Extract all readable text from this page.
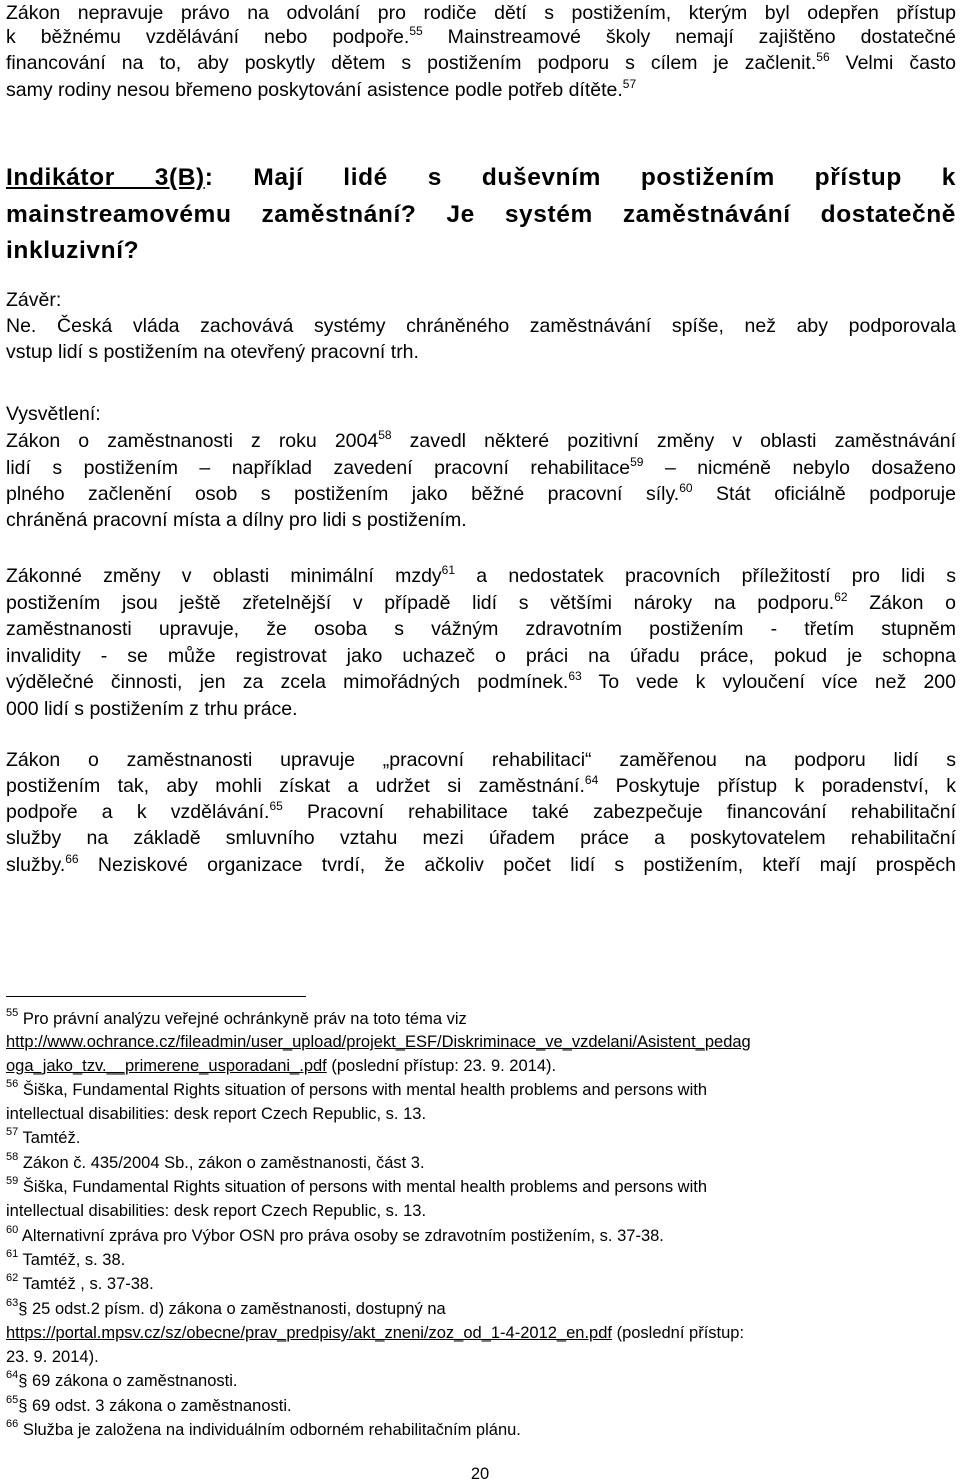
Zákon nepravuje právo na odvolání pro rodiče dětí s postižením, kterým byl odepřen přístup
k běžnému vzdělávání nebo podpoře.$^{55}$ Mainstreamové školy nemají zajištěno dostatečné
financování na to, aby poskytly dětem s postižením podporu s cílem je začlenit.$^{56}$ Velmi často
samy rodiny nesou břemeno poskytování asistence podle potřeb dítěte.$^{57}$
Indikátor 3(B): Mají lidé s duševním postižením přístup k
mainstreamovému zaměstnání? Je systém zaměstnávání dostatečně
inkluzivní?
Závěr:
Ne. Česká vláda zachovává systémy chráněného zaměstnávání spíše, než aby podporovala
vstup lidí s postižením na otevřený pracovní trh.
Vysvětlení:
Zákon o zaměstnanosti z roku 2004$^{58}$ zavedl některé pozitivní změny v oblasti zaměstnávání
lidí s postižením – například zavedení pracovní rehabilitace$^{59}$ – nicméně nebylo dosaženo
plného začlenění osob s postižením jako běžné pracovní síly.$^{60}$ Stát oficiálně podporuje
chráněná pracovní místa a dílny pro lidi s postižením.
Zákonné změny v oblasti minimální mzdy$^{61}$ a nedostatek pracovních příležitostí pro lidi s
postižením jsou ještě zřetelnější v případě lidí s většími nároky na podporu.$^{62}$ Zákon o
zaměstnanosti upravuje, že osoba s vážným zdravotním postižením - třetím stupněm
invalidity - se může registrovat jako uchazeč o práci na úřadu práce, pokud je schopna
výdělečné činnosti, jen za zcela mimořádných podmínek.$^{63}$ To vede k vyloučení více než 200
000 lidí s postižením z trhu práce.
Zákon o zaměstnanosti upravuje „pracovní rehabilitaci“ zaměřenou na podporu lidí s
postižením tak, aby mohli získat a udržet si zaměstnání.$^{64}$ Poskytuje přístup k poradenství, k
podpoře a k vzdělávání.$^{65}$ Pracovní rehabilitace také zabezpečuje financování rehabilitační
služby na základě smluvního vztahu mezi úřadem práce a poskytovatelem rehabilitační
služby.$^{66}$ Neziskové organizace tvrdí, že ačkoliv počet lidí s postižením, kteří mají prospěch
$^{55}$ Pro právní analýzu veřejné ochránkyně práv na toto téma viz
http://www.ochrance.cz/fileadmin/user_upload/projekt_ESF/Diskriminace_ve_vzdelani/Asistent_pedag
oga_jako_tzv.__primerene_usporadani_.pdf (poslední přístup: 23. 9. 2014).
$^{56}$ Šiška, Fundamental Rights situation of persons with mental health problems and persons with
intellectual disabilities: desk report Czech Republic, s. 13.
$^{57}$ Tamtéž.
$^{58}$ Zákon č. 435/2004 Sb., zákon o zaměstnanosti, část 3.
$^{59}$ Šiška, Fundamental Rights situation of persons with mental health problems and persons with
intellectual disabilities: desk report Czech Republic, s. 13.
$^{60}$ Alternativní zpráva pro Výbor OSN pro práva osoby se zdravotním postižením, s. 37-38.
$^{61}$ Tamtéž, s. 38.
$^{62}$ Tamtéž , s. 37-38.
$^{63}$§ 25 odst.2 písm. d) zákona o zaměstnanosti, dostupný na
https://portal.mpsv.cz/sz/obecne/prav_predpisy/akt_zneni/zoz_od_1-4-2012_en.pdf (poslední přístup:
23. 9. 2014).
$^{64}$§ 69 zákona o zaměstnanosti.
$^{65}$§ 69 odst. 3 zákona o zaměstnanosti.
$^{66}$ Služba je založena na individuálním odborném rehabilitačním plánu.
20
